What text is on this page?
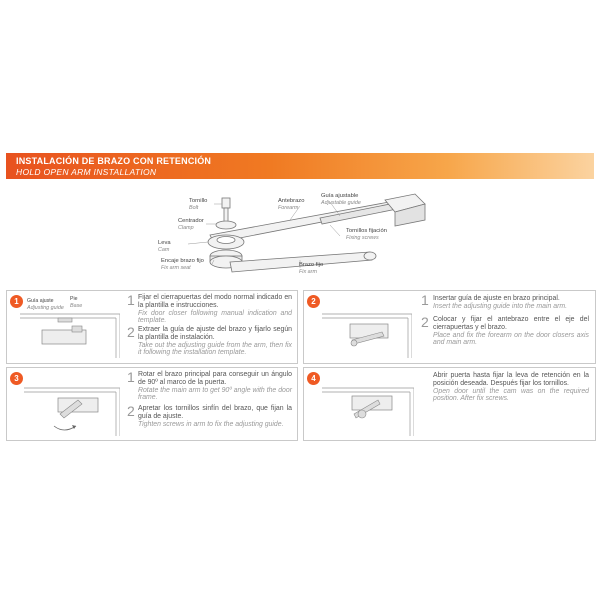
INSTALACIÓN DE BRAZO CON RETENCIÓN
HOLD OPEN ARM INSTALLATION
Tornillo
Bolt
Centrador
Clamp
Leva
Cam
Encaje brazo fijo
Fix arm seat
Antebrazo
Forearm
Guía ajustable
Adjustable guide
Tornillos fijación
Fixing screws
Brazo fijo
Fix arm
1	Guía ajuste
Adjusting guide
Pie
Base	1 Fijar el cierrapuertas del modo normal indicado en la plantilla e instrucciones.
Fix door closer following manual indication and template.
2 Extraer la guía de ajuste del brazo y fijarlo según la plantilla de instalación.
Take out the adjusting guide from the arm, then fix it following the installation template.
2	1 Insertar guía de ajuste en brazo principal.
Insert the adjusting guide into the main arm.
2 Colocar y fijar el antebrazo entre el eje del cierrapuertas y el brazo.
Place and fix the forearm on the door closers axis and main arm.
3	1 Rotar el brazo principal para conseguir un ángulo de 90º al marco de la puerta.
Rotate the main arm to get 90º angle with the door frame.
2 Apretar los tornillos sinfín del brazo, que fijan la guía de ajuste.
Tighten screws in arm to fix the adjusting guide.
4	Abrir puerta hasta fijar la leva de retención en la posición deseada. Después fijar los tornillos.
Open door until the cam was on the required position. After fix screws.
